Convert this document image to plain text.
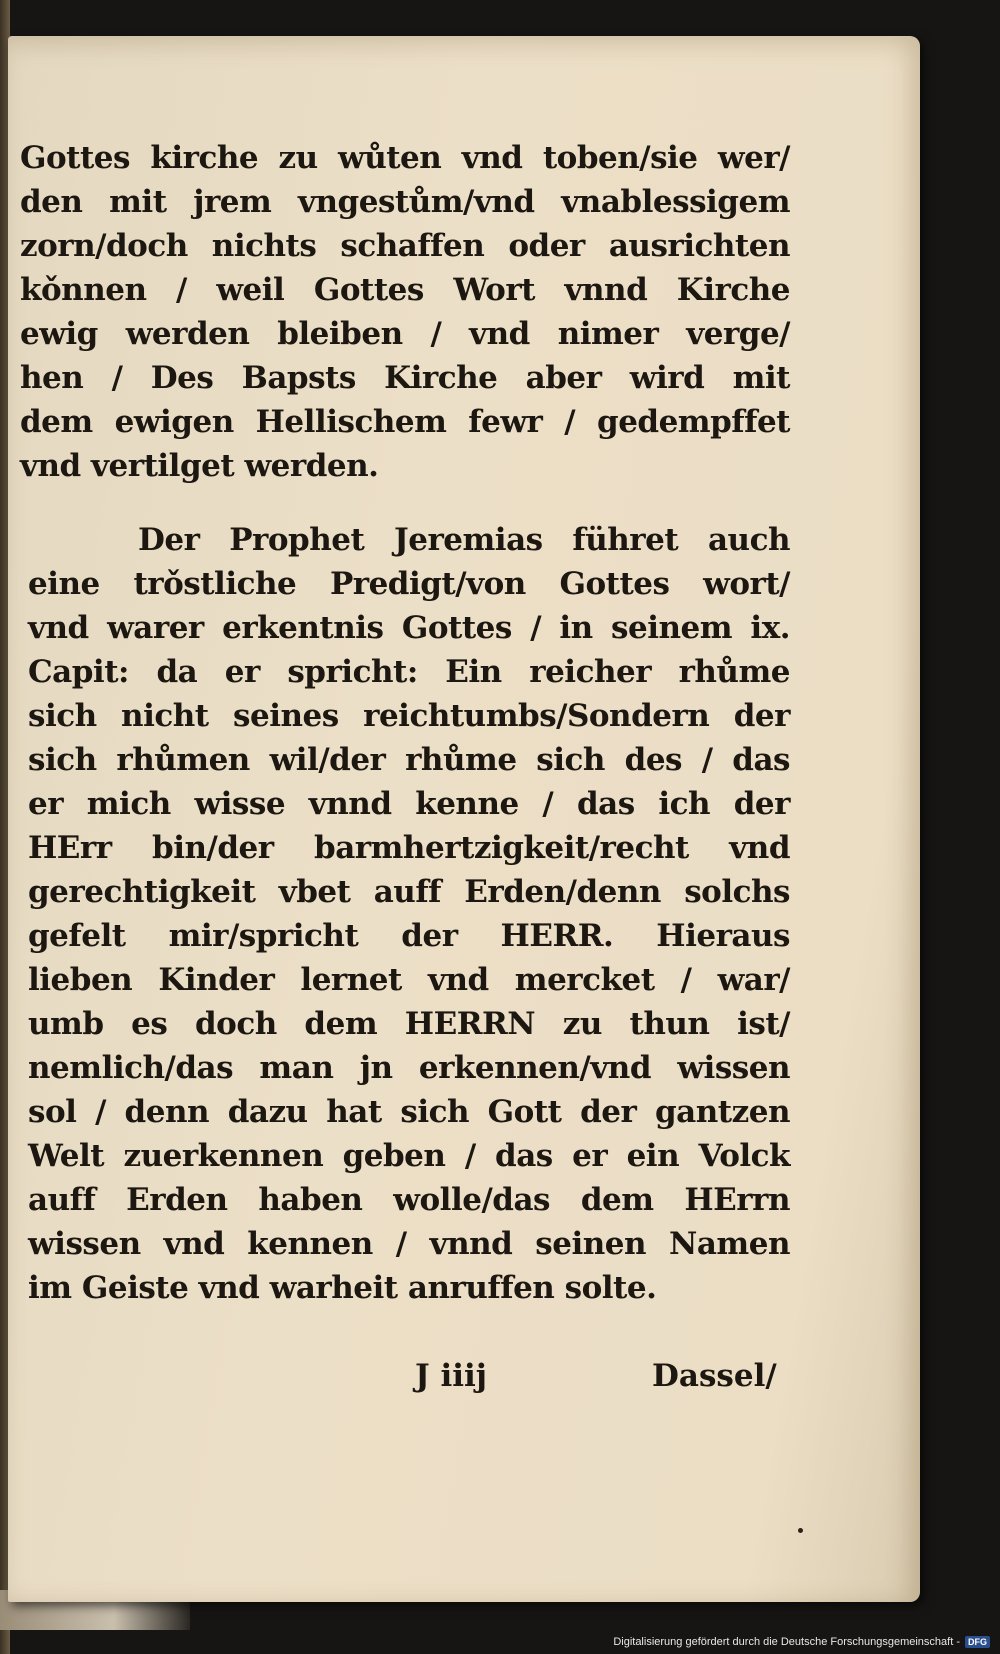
Gottes kirche zu wůten vnd toben/sie wer/
den mit jrem vngestům/vnd vnablessigem
zorn/doch nichts schaffen oder ausrichten
kǒnnen / weil Gottes Wort vnnd Kirche
ewig werden bleiben / vnd nimer verge/
hen / Des Bapsts Kirche aber wird mit
dem ewigen Hellischem fewr / gedempffet
vnd vertilget werden.
Der Prophet Jeremias führet auch
eine trǒstliche Predigt/von Gottes wort/
vnd warer erkentnis Gottes / in seinem ix.
Capit: da er spricht: Ein reicher rhůme
sich nicht seines reichtumbs/Sondern der
sich rhůmen wil/der rhůme sich des / das
er mich wisse vnnd kenne / das ich der
HErr bin/der barmhertzigkeit/recht vnd
gerechtigkeit vbet auff Erden/denn solchs
gefelt mir/spricht der HERR. Hieraus
lieben Kinder lernet vnd mercket / war/
umb es doch dem HERRN zu thun ist/
nemlich/das man jn erkennen/vnd wissen
sol / denn dazu hat sich Gott der gantzen
Welt zuerkennen geben / das er ein Volck
auff Erden haben wolle/das dem HErrn
wissen vnd kennen / vnnd seinen Namen
im Geiste vnd warheit anruffen solte.
J iiij	Dassel/
Digitalisierung gefördert durch die Deutsche Forschungsgemeinschaft - DFG
